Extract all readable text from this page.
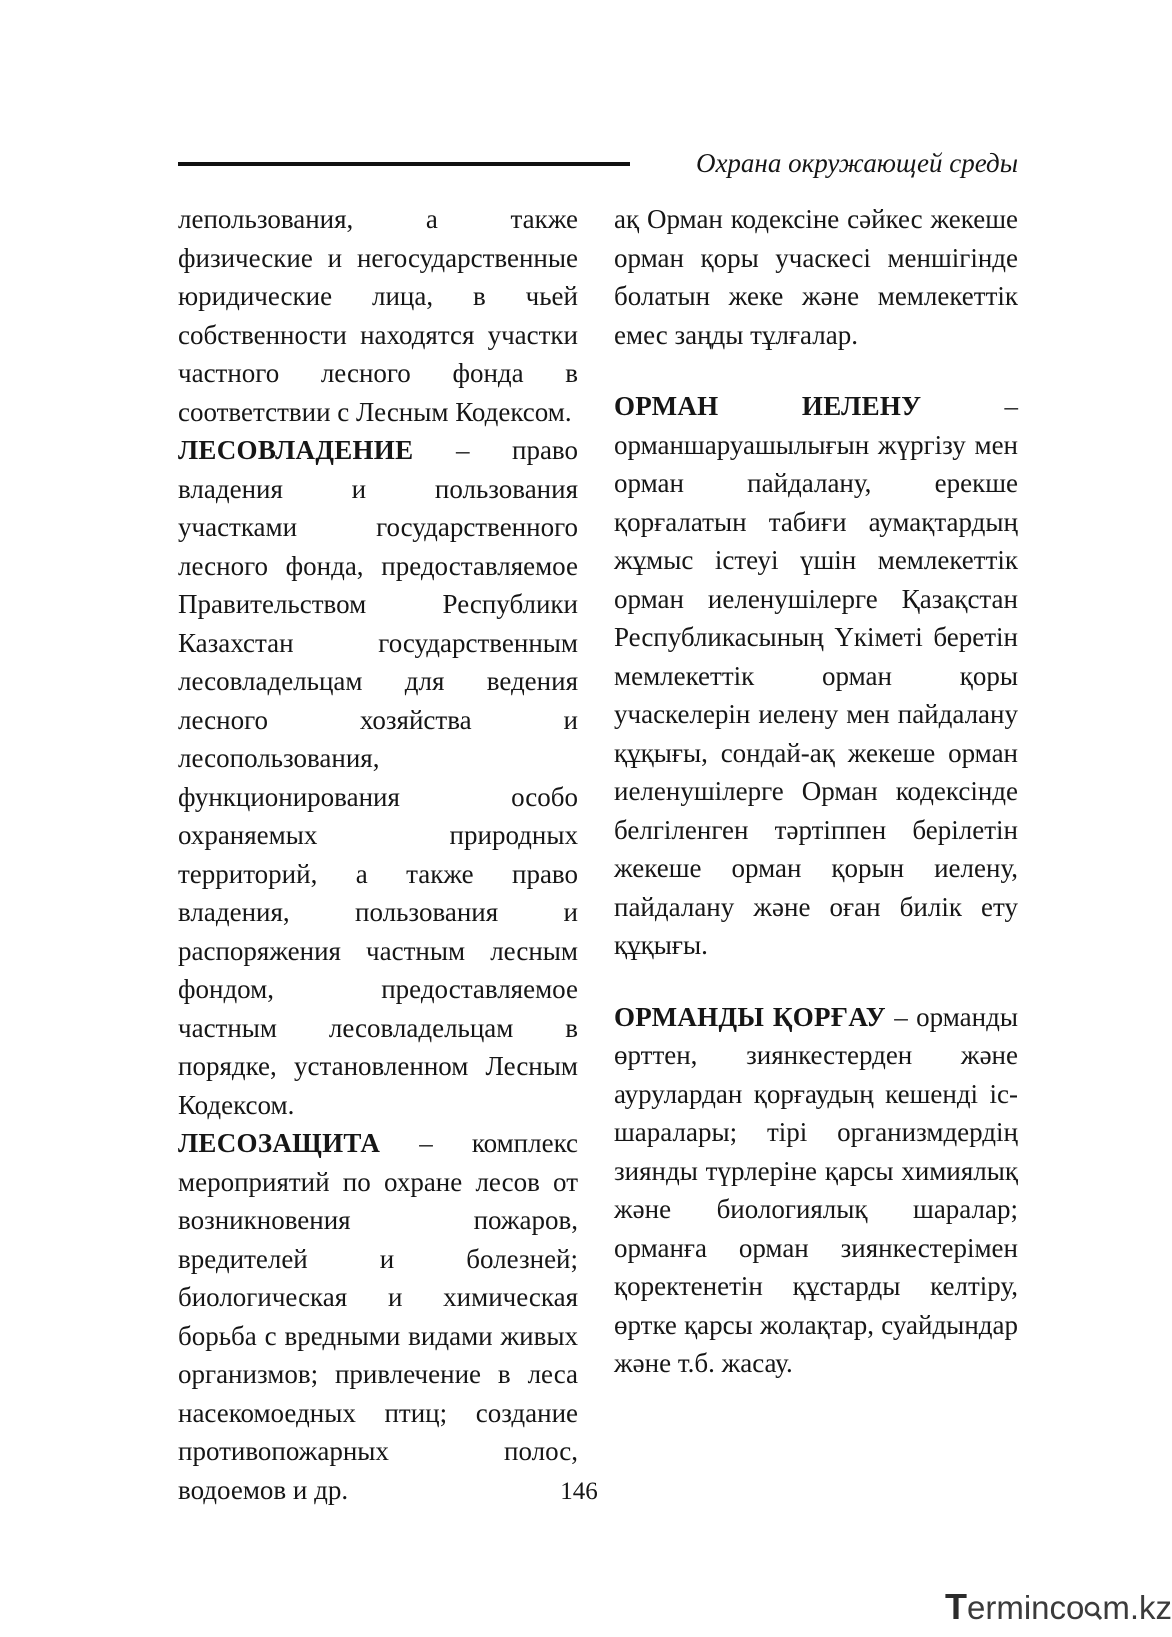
Охрана окружающей среды

лепользования, а также физические и негосударственные юридические лица, в чьей собственности находятся участки частного лесного фонда в соответствии с Лесным Кодексом.

ЛЕСОВЛАДЕНИЕ – право владения и пользования участками государственного лесного фонда, предоставляемое Правительством Республики Казахстан государственным лесовладельцам для ведения лесного хозяйства и лесопользования, функционирования особо охраняемых природных территорий, а также право владения, пользования и распоряжения частным лесным фондом, предоставляемое частным лесовладельцам в порядке, установленном Лесным Кодексом.

ЛЕСОЗАЩИТА – комплекс мероприятий по охране лесов от возникновения пожаров, вредителей и болезней; биологическая и химическая борьба с вредными видами живых организмов; привлечение в леса насекомоедных птиц; создание противопожарных полос, водоемов и др.

ақ Орман кодексіне сәйкес жекеше орман қоры учаскесі меншігінде болатын жеке және мемлекеттік емес заңды тұлғалар.

ОРМАН ИЕЛЕНУ – орманшаруашылығын жүргізу мен орман пайдалану, ерекше қорғалатын табиғи аумақтардың жұмыс істеуі үшін мемлекеттік орман иеленушілерге Қазақстан Республикасының Үкіметі беретін мемлекеттік орман қоры учаскелерін иелену мен пайдалану құқығы, сондай-ақ жекеше орман иеленушілерге Орман кодексінде белгіленген тәртіппен берілетін жекеше орман қорын иелену, пайдалану және оған билік ету құқығы.

ОРМАНДЫ ҚОРҒАУ – орманды өрттен, зиянкестерден және аурулардан қорғаудың кешенді іс-шаралары; тірі организмдердің зиянды түрлеріне қарсы химиялық және биологиялық шаралар; орманға орман зиянкестерімен қоректенетін құстарды келтіру, өртке қарсы жолақтар, суайдындар және т.б. жасау.

146
Termincо m.kz
